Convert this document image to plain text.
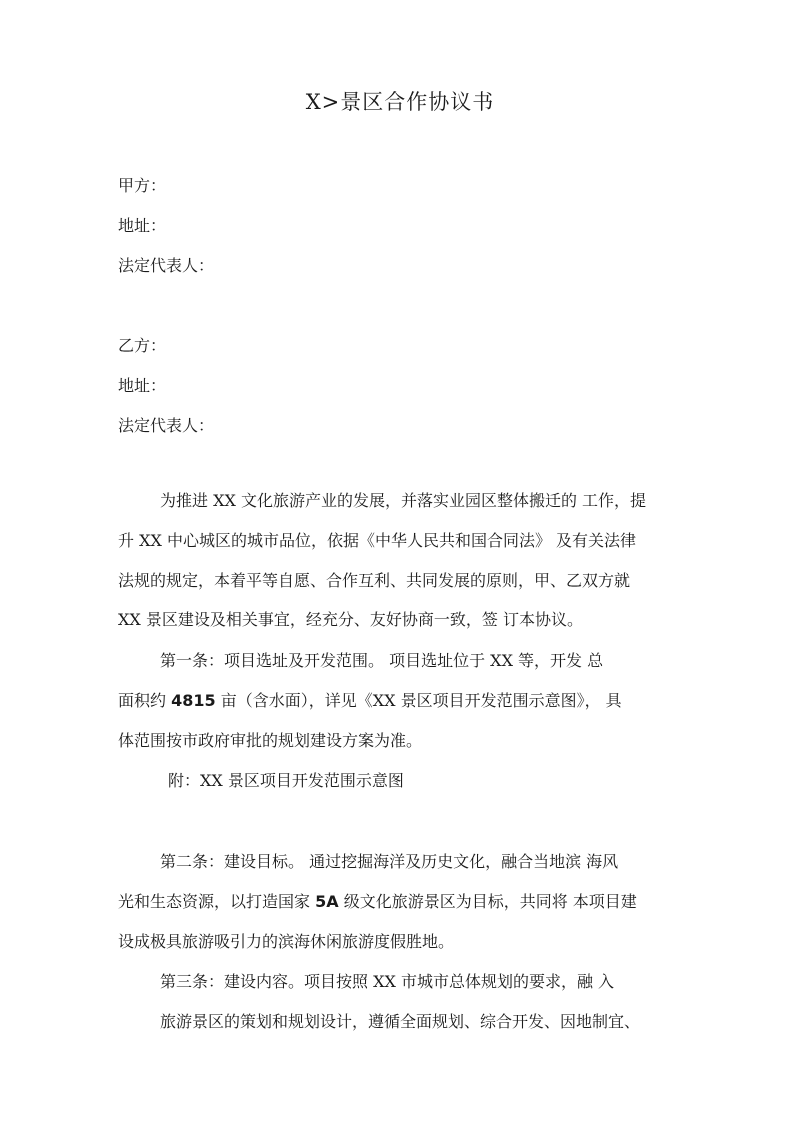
X>景区合作协议书
甲方：
地址：
法定代表人：
乙方：
地址：
法定代表人：
为推进 XX 文化旅游产业的发展，并落实业园区整体搬迁的 工作，提
升 XX 中心城区的城市品位，依据《中华人民共和国合同法》 及有关法律
法规的规定，本着平等自愿、合作互利、共同发展的原则，甲、乙双方就
XX 景区建设及相关事宜，经充分、友好协商一致，签 订本协议。
第一条：项目选址及开发范围。 项目选址位于 XX 等，开发 总
面积约 4815 亩（含水面），详见《XX 景区项目开发范围示意图》， 具
体范围按市政府审批的规划建设方案为准。
附：XX 景区项目开发范围示意图
第二条：建设目标。 通过挖掘海洋及历史文化，融合当地滨 海风
光和生态资源，以打造国家 5A 级文化旅游景区为目标，共同将 本项目建
设成极具旅游吸引力的滨海休闲旅游度假胜地。
第三条：建设内容。项目按照 XX 市城市总体规划的要求，融 入
旅游景区的策划和规划设计，遵循全面规划、综合开发、因地制宜、
